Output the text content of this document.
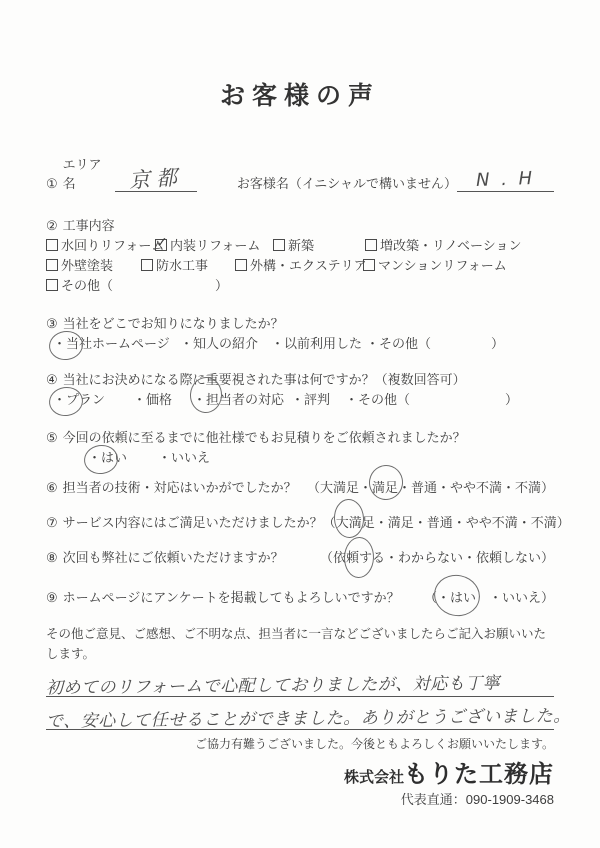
お客様の声
①
エリア名	京都	お客様名（イニシャルで構いません） N . H
② 工事内容
水回りリフォーム ✓ 内装リフォーム	新築	増改築・リノベーション
外壁塗装	防水工事	外構・エクステリア マンションリフォーム
その他（	）
③ 当社をどこでお知りになりましたか？
・当社ホームページ ・知人の紹介 ・以前利用した ・その他（	）
④ 当社にお決めになる際に重要視された事は何ですか？（複数回答可）
・プラン ・価格 ・担当者の対応 ・評判 ・その他（	）
⑤ 今回の依頼に至るまでに他社様でもお見積りをご依頼されましたか？
・はい ・いいえ
⑥ 担当者の技術・対応はいかがでしたか？ （大満足・満足・普通・やや不満・不満）
⑦ サービス内容にはご満足いただけましたか？ （大満足・満足・普通・やや不満・不満）
⑧ 次回も弊社にご依頼いただけますか？	（依頼する・わからない・依頼しない）
⑨ ホームページにアンケートを掲載してもよろしいですか？ （・はい　・いいえ）
その他ご意見、ご感想、ご不明な点、担当者に一言などございましたらご記入お願いいたします。
初めてのリフォームで心配しておりましたが、対応も丁寧
で、安心して任せることができました。ありがとうございました。
ご協力有難うございました。今後ともよろしくお願いいたします。
株式会社もりた工務店
代表直通：090-1909-3468
